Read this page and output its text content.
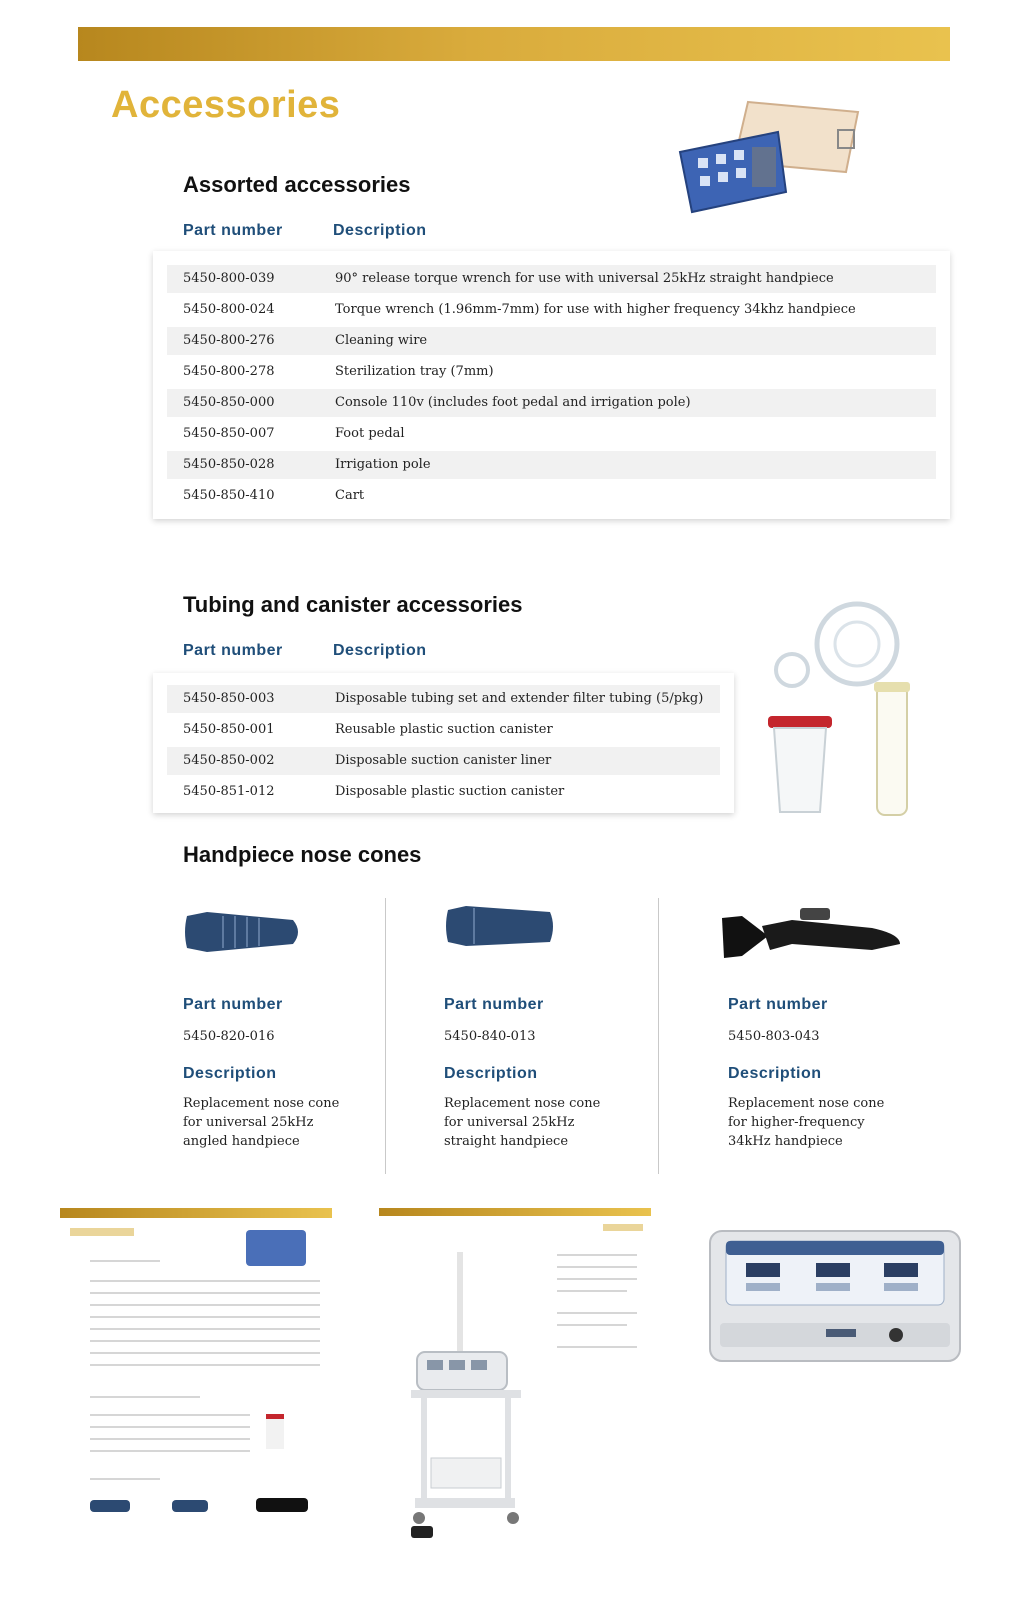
Accessories
Assorted accessories
Part number	Description
5450-800-039	90° release torque wrench for use with universal 25kHz straight handpiece
5450-800-024	Torque wrench (1.96mm-7mm) for use with higher frequency 34khz handpiece
5450-800-276	Cleaning wire
5450-800-278	Sterilization tray (7mm)
5450-850-000	Console 110v (includes foot pedal and irrigation pole)
5450-850-007	Foot pedal
5450-850-028	Irrigation pole
5450-850-410	Cart
Tubing and canister accessories
Part number	Description
5450-850-003	Disposable tubing set and extender filter tubing (5/pkg)
5450-850-001	Reusable plastic suction canister
5450-850-002	Disposable suction canister liner
5450-851-012	Disposable plastic suction canister
Handpiece nose cones
Part number
5450-820-016
Description
Replacement nose cone
for universal 25kHz
angled handpiece
Part number
5450-840-013
Description
Replacement nose cone
for universal 25kHz
straight handpiece
Part number
5450-803-043
Description
Replacement nose cone
for higher-frequency
34kHz handpiece
